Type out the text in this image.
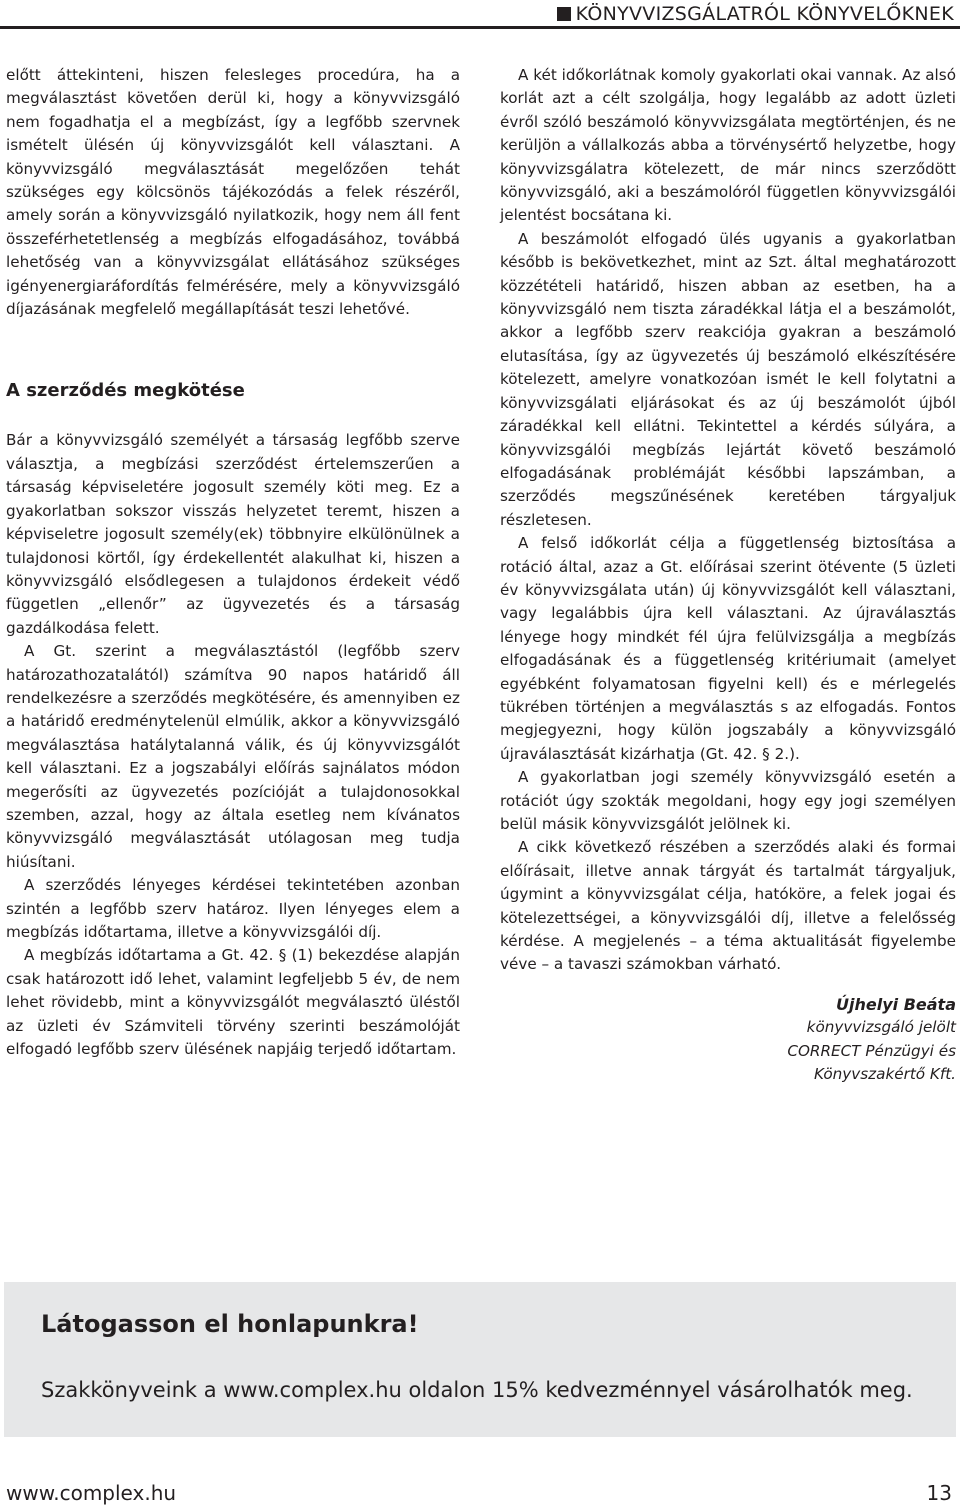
KÖNYVVIZSGÁLATRÓL KÖNYVELŐKNEK

előtt áttekinteni, hiszen felesleges procedúra, ha a megválasztást követően derül ki, hogy a könyvvizsgáló nem fogadhatja el a megbízást, így a legfőbb szervnek ismételt ülésén új könyvvizsgálót kell választani. A könyvvizsgáló megválasztását megelőzően tehát szükséges egy kölcsönös tájékozódás a felek részéről, amely során a könyvvizsgáló nyilatkozik, hogy nem áll fent összeférhetetlenség a megbízás elfogadásához, továbbá lehetőség van a könyvvizsgálat ellátásához szükséges igényenergiaráfordítás felmérésére, mely a könyvvizsgáló díjazásának megfelelő megállapítását teszi lehetővé.

A szerződés megkötése

Bár a könyvvizsgáló személyét a társaság legfőbb szerve választja, a megbízási szerződést értelemszerűen a társaság képviseletére jogosult személy köti meg. Ez a gyakorlatban sokszor visszás helyzetet teremt, hiszen a képviseletre jogosult személy(ek) többnyire elkülönülnek a tulajdonosi körtől, így érdekellentét alakulhat ki, hiszen a könyvvizsgáló elsődlegesen a tulajdonos érdekeit védő független „ellenőr” az ügyvezetés és a társaság gazdálkodása felett.

A Gt. szerint a megválasztástól (legfőbb szerv határozathozatalától) számítva 90 napos határidő áll rendelkezésre a szerződés megkötésére, és amennyiben ez a határidő eredménytelenül elmúlik, akkor a könyvvizsgáló megválasztása hatálytalanná válik, és új könyvvizsgálót kell választani. Ez a jogszabályi előírás sajnálatos módon megerősíti az ügyvezetés pozícióját a tulajdonosokkal szemben, azzal, hogy az általa esetleg nem kívánatos könyvvizsgáló megválasztását utólagosan meg tudja hiúsítani.

A szerződés lényeges kérdései tekintetében azonban szintén a legfőbb szerv határoz. Ilyen lényeges elem a megbízás időtartama, illetve a könyvvizsgálói díj.

A megbízás időtartama a Gt. 42. § (1) bekezdése alapján csak határozott idő lehet, valamint legfeljebb 5 év, de nem lehet rövidebb, mint a könyvvizsgálót megválasztó üléstől az üzleti év Számviteli törvény szerinti beszámolóját elfogadó legfőbb szerv ülésének napjáig terjedő időtartam.

A két időkorlátnak komoly gyakorlati okai vannak. Az alsó korlát azt a célt szolgálja, hogy legalább az adott üzleti évről szóló beszámoló könyvvizsgálata megtörténjen, és ne kerüljön a vállalkozás abba a törvénysértő helyzetbe, hogy könyvvizsgálatra kötelezett, de már nincs szerződött könyvvizsgáló, aki a beszámolóról független könyvvizsgálói jelentést bocsátana ki.

A beszámolót elfogadó ülés ugyanis a gyakorlatban később is bekövetkezhet, mint az Szt. által meghatározott közzétételi határidő, hiszen abban az esetben, ha a könyvvizsgáló nem tiszta záradékkal látja el a beszámolót, akkor a legfőbb szerv reakciója gyakran a beszámoló elutasítása, így az ügyvezetés új beszámoló elkészítésére kötelezett, amelyre vonatkozóan ismét le kell folytatni a könyvvizsgálati eljárásokat és az új beszámolót újból záradékkal kell ellátni. Tekintettel a kérdés súlyára, a könyvvizsgálói megbízás lejártát követő beszámoló elfogadásának problémáját későbbi lapszámban, a szerződés megszűnésének keretében tárgyaljuk részletesen.

A felső időkorlát célja a függetlenség biztosítása a rotáció által, azaz a Gt. előírásai szerint ötévente (5 üzleti év könyvvizsgálata után) új könyvvizsgálót kell választani, vagy legalábbis újra kell választani. Az újraválasztás lényege hogy mindkét fél újra felülvizsgálja a megbízás elfogadásának és a függetlenség kritériumait (amelyet egyébként folyamatosan figyelni kell) és e mérlegelés tükrében történjen a megválasztás s az elfogadás. Fontos megjegyezni, hogy külön jogszabály a könyvvizsgáló újraválasztását kizárhatja (Gt. 42. § 2.).

A gyakorlatban jogi személy könyvvizsgáló esetén a rotációt úgy szokták megoldani, hogy egy jogi személyen belül másik könyvvizsgálót jelölnek ki.

A cikk következő részében a szerződés alaki és formai előírásait, illetve annak tárgyát és tartalmát tárgyaljuk, úgymint a könyvvizsgálat célja, hatóköre, a felek jogai és kötelezettségei, a könyvvizsgálói díj, illetve a felelősség kérdése. A megjelenés – a téma aktualitását figyelembe véve – a tavaszi számokban várható.

Újhelyi Beáta
könyvvizsgáló jelölt
CORRECT Pénzügyi és
Könyvszakértő Kft.
Látogasson el honlapunkra!
Szakkönyveink a www.complex.hu oldalon 15% kedvezménnyel vásárolhatók meg.
www.complex.hu	13
